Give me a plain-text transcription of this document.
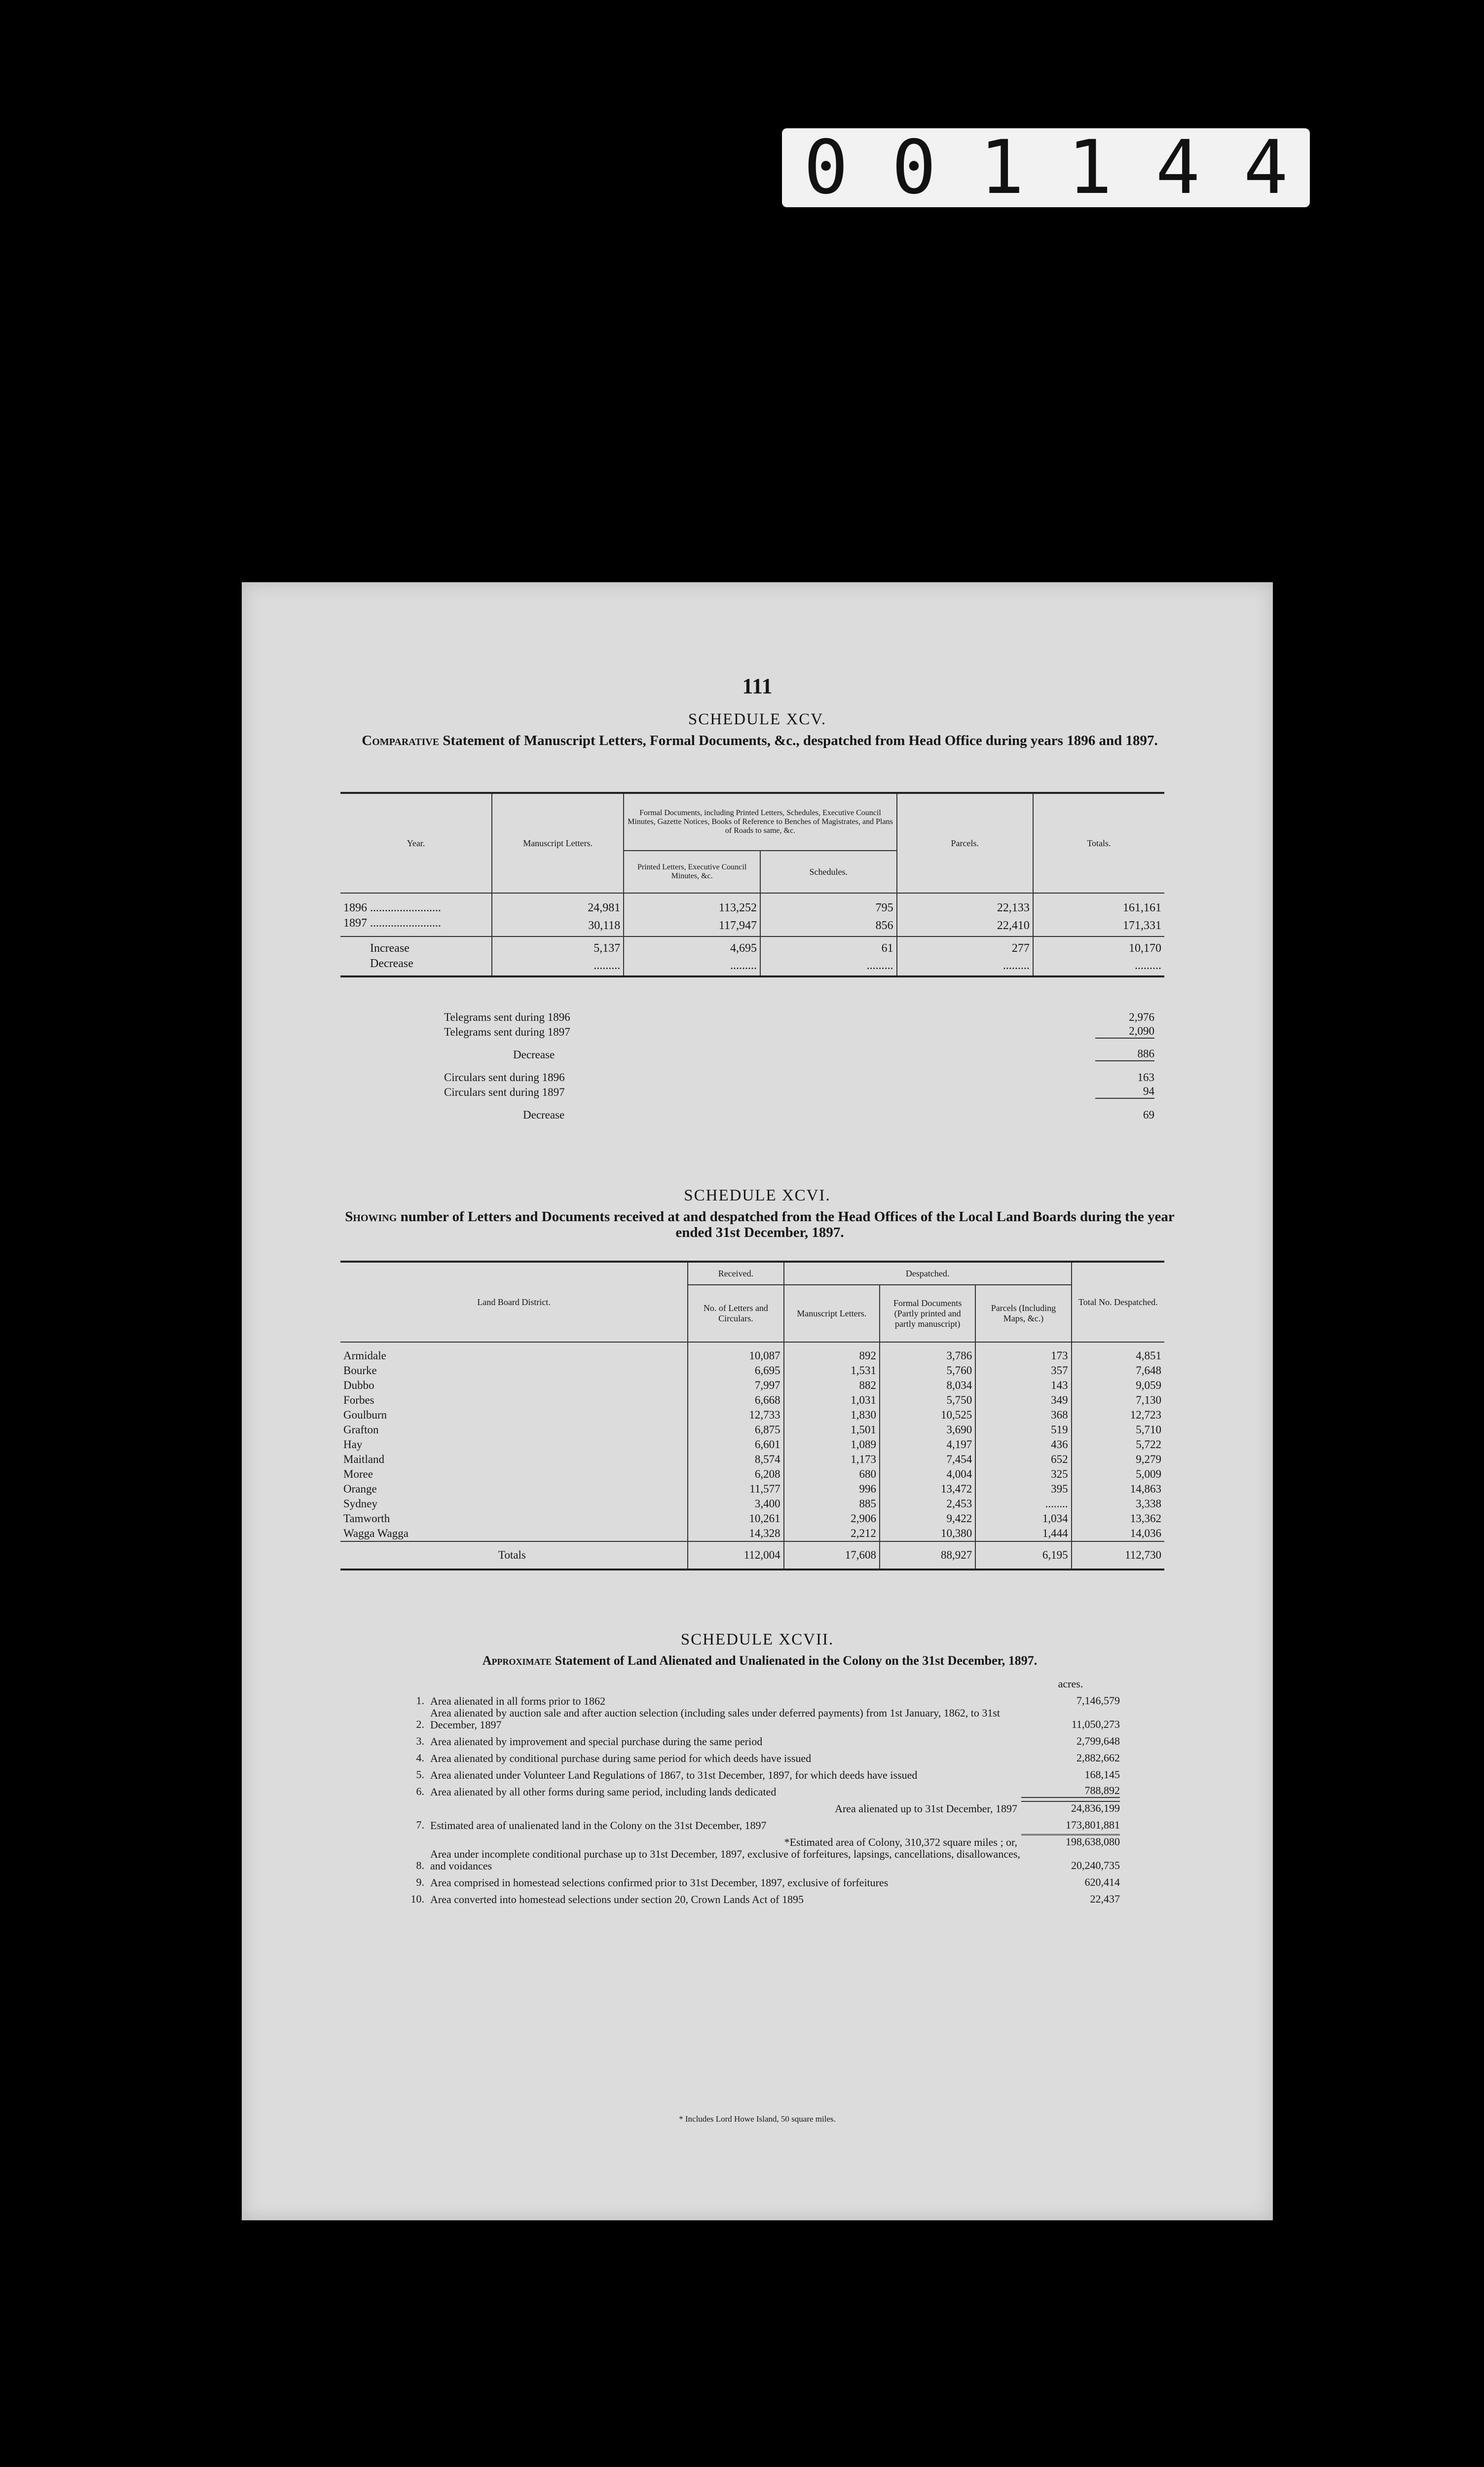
0 0 1 1 4 4
111
SCHEDULE XCV.
Comparative Statement of Manuscript Letters, Formal Documents, &c., despatched from Head Office during years 1896 and 1897.
Year.	Manuscript Letters.	Formal Documents, including Printed Letters, Schedules, Executive Council Minutes, Gazette Notices, Books of Reference to Benches of Magistrates, and Plans of Roads to same, &c.		Parcels.	Totals.
		Printed Letters, Executive Council Minutes, &c.	Schedules.		
1896 ........................	24,981	113,252	795	22,133	161,161
1897 ........................	30,118	117,947	856	22,410	171,331
Increase	5,137	4,695	61	277	10,170
Decrease	.........	.........	.........	.........	.........
Telegrams sent during 1896	2,976
Telegrams sent during 1897	2,090
Decrease	886
Circulars sent during 1896	163
Circulars sent during 1897	94
Decrease	69
SCHEDULE XCVI.
Showing number of Letters and Documents received at and despatched from the Head Offices of the Local Land Boards during the year ended 31st December, 1897.
Land Board District.	Received.	Despatched.			Total No. Despatched.
	No. of Letters and Circulars.	Manuscript Letters.	Formal Documents (Partly printed and partly manuscript)	Parcels (Including Maps, &c.)	
Armidale	10,087	892	3,786	173	4,851
Bourke	6,695	1,531	5,760	357	7,648
Dubbo	7,997	882	8,034	143	9,059
Forbes	6,668	1,031	5,750	349	7,130
Goulburn	12,733	1,830	10,525	368	12,723
Grafton	6,875	1,501	3,690	519	5,710
Hay	6,601	1,089	4,197	436	5,722
Maitland	8,574	1,173	7,454	652	9,279
Moree	6,208	680	4,004	325	5,009
Orange	11,577	996	13,472	395	14,863
Sydney	3,400	885	2,453	........	3,338
Tamworth	10,261	2,906	9,422	1,034	13,362
Wagga Wagga	14,328	2,212	10,380	1,444	14,036
Totals	112,004	17,608	88,927	6,195	112,730
SCHEDULE XCVII.
Approximate Statement of Land Alienated and Unalienated in the Colony on the 31st December, 1897.
acres.
1. Area alienated in all forms prior to 1862	7,146,579
2.
Area alienated by auction sale and after auction selection (including sales under deferred payments) from 1st January, 1862, to 31st December, 1897	11,050,273
3. Area alienated by improvement and special purchase during the same period	2,799,648
4. Area alienated by conditional purchase during same period for which deeds have issued	2,882,662
5. Area alienated under Volunteer Land Regulations of 1867, to 31st December, 1897, for which deeds have issued	168,145
6. Area alienated by all other forms during same period, including lands dedicated	788,892
Area alienated up to 31st December, 1897	24,836,199
7. Estimated area of unalienated land in the Colony on the 31st December, 1897	173,801,881
*Estimated area of Colony, 310,372 square miles ; or,	198,638,080
8.
Area under incomplete conditional purchase up to 31st December, 1897, exclusive of forfeitures, lapsings, cancellations, disallowances, and voidances	20,240,735
9. Area comprised in homestead selections confirmed prior to 31st December, 1897, exclusive of forfeitures	620,414
10. Area converted into homestead selections under section 20, Crown Lands Act of 1895	22,437
* Includes Lord Howe Island, 50 square miles.
